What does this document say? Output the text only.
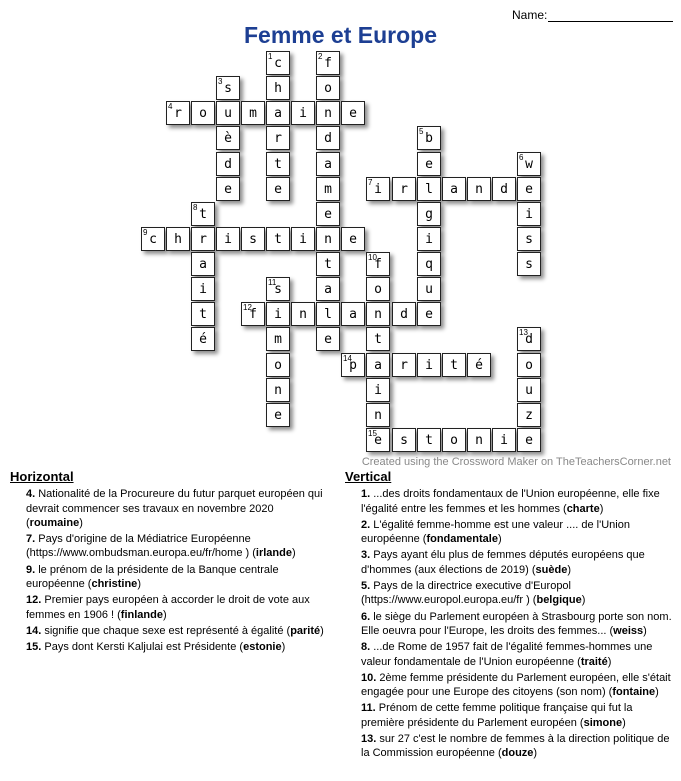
Name:
Femme et Europe
1 c	2 f
3 s	h	o
4 r	o	u	m	a	i	n	e
è	r	d	5 b
d	t	a	e	6 w
e	e	m	7 i	r	l	a	n	d	e
8 t	e	g	i
9 c	h	r	i	s	t	i	n	e	i	s
a	t	10
f	q	s
i	11
s	a	o	u
t	12
f	i	n	l	a	n	d	e
é	m	e	t	13
d
o	14
p	a	r	i	t	é	o
n	i	u
e	n	z
15
e	s	t	o	n	i	e
Created using the Crossword Maker on TheTeachersCorner.net
Horizontal
4. Nationalité de la Procureure du futur parquet européen qui devrait commencer ses travaux en novembre 2020 (roumaine)
7. Pays d'origine de la Médiatrice Européenne (https://www.ombudsman.europa.eu/fr/home ) (irlande)
9. le prénom de la présidente de la Banque centrale européenne (christine)
12. Premier pays européen à accorder le droit de vote aux femmes en 1906 ! (finlande)
14. signifie que chaque sexe est représenté à égalité (parité)
15. Pays dont Kersti Kaljulai est Présidente (estonie)
Vertical
1. ...des droits fondamentaux de l'Union européenne, elle fixe l'égalité entre les femmes et les hommes (charte)
2. L'égalité femme-homme est une valeur .... de l'Union européenne (fondamentale)
3. Pays ayant élu plus de femmes députés européens que d'hommes (aux élections de 2019) (suède)
5. Pays de la directrice executive d'Europol (https://www.europol.europa.eu/fr ) (belgique)
6. le siège du Parlement européen à Strasbourg porte son nom. Elle oeuvra pour l'Europe, les droits des femmes... (weiss)
8. ...de Rome de 1957 fait de l'égalité femmes-hommes une valeur fondamentale de l'Union européenne (traité)
10. 2ème femme présidente du Parlement européen, elle s'était engagée pour une Europe des citoyens (son nom) (fontaine)
11. Prénom de cette femme politique française qui fut la première présidente du Parlement européen (simone)
13. sur 27 c'est le nombre de femmes à la direction politique de la Commission européenne (douze)
